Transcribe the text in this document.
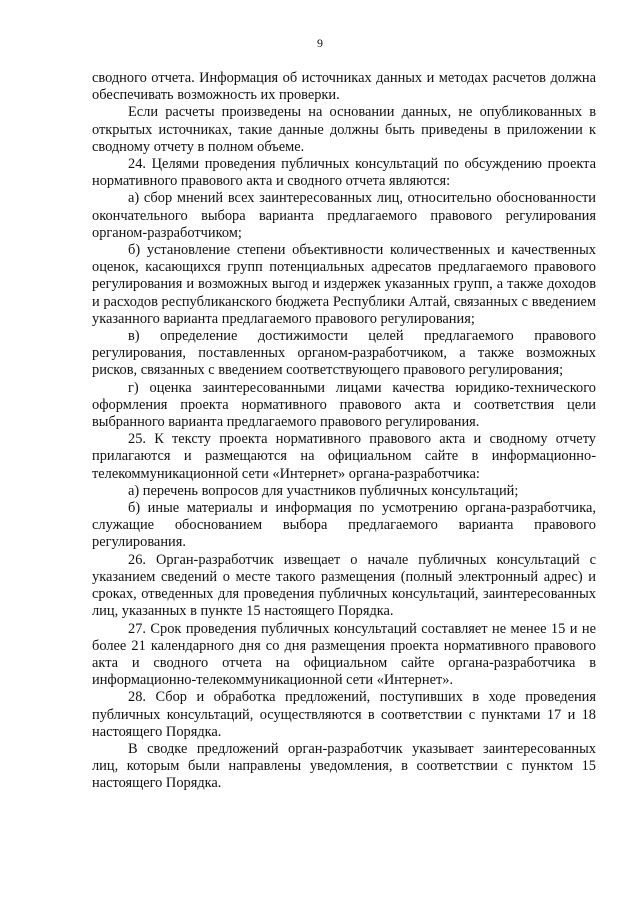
9

сводного отчета. Информация об источниках данных и методах расчетов должна обеспечивать возможность их проверки.

Если расчеты произведены на основании данных, не опубликованных в открытых источниках, такие данные должны быть приведены в приложении к сводному отчету в полном объеме.

24. Целями проведения публичных консультаций по обсуждению проекта нормативного правового акта и сводного отчета являются:

а) сбор мнений всех заинтересованных лиц, относительно обоснованности окончательного выбора варианта предлагаемого правового регулирования органом-разработчиком;

б) установление степени объективности количественных и качественных оценок, касающихся групп потенциальных адресатов предлагаемого правового регулирования и возможных выгод и издержек указанных групп, а также доходов и расходов республиканского бюджета Республики Алтай, связанных с введением указанного варианта предлагаемого правового регулирования;

в) определение достижимости целей предлагаемого правового регулирования, поставленных органом-разработчиком, а также возможных рисков, связанных с введением соответствующего правового регулирования;

г) оценка заинтересованными лицами качества юридико-технического оформления проекта нормативного правового акта и соответствия цели выбранного варианта предлагаемого правового регулирования.

25. К тексту проекта нормативного правового акта и сводному отчету прилагаются и размещаются на официальном сайте в информационно-телекоммуникационной сети «Интернет» органа-разработчика:

а) перечень вопросов для участников публичных консультаций;

б) иные материалы и информация по усмотрению органа-разработчика, служащие обоснованием выбора предлагаемого варианта правового регулирования.

26. Орган-разработчик извещает о начале публичных консультаций с указанием сведений о месте такого размещения (полный электронный адрес) и сроках, отведенных для проведения публичных консультаций, заинтересованных лиц, указанных в пункте 15 настоящего Порядка.

27. Срок проведения публичных консультаций составляет не менее 15 и не более 21 календарного дня со дня размещения проекта нормативного правового акта и сводного отчета на официальном сайте органа-разработчика в информационно-телекоммуникационной сети «Интернет».

28. Сбор и обработка предложений, поступивших в ходе проведения публичных консультаций, осуществляются в соответствии с пунктами 17 и 18 настоящего Порядка.

В сводке предложений орган-разработчик указывает заинтересованных лиц, которым были направлены уведомления, в соответствии с пунктом 15 настоящего Порядка.
